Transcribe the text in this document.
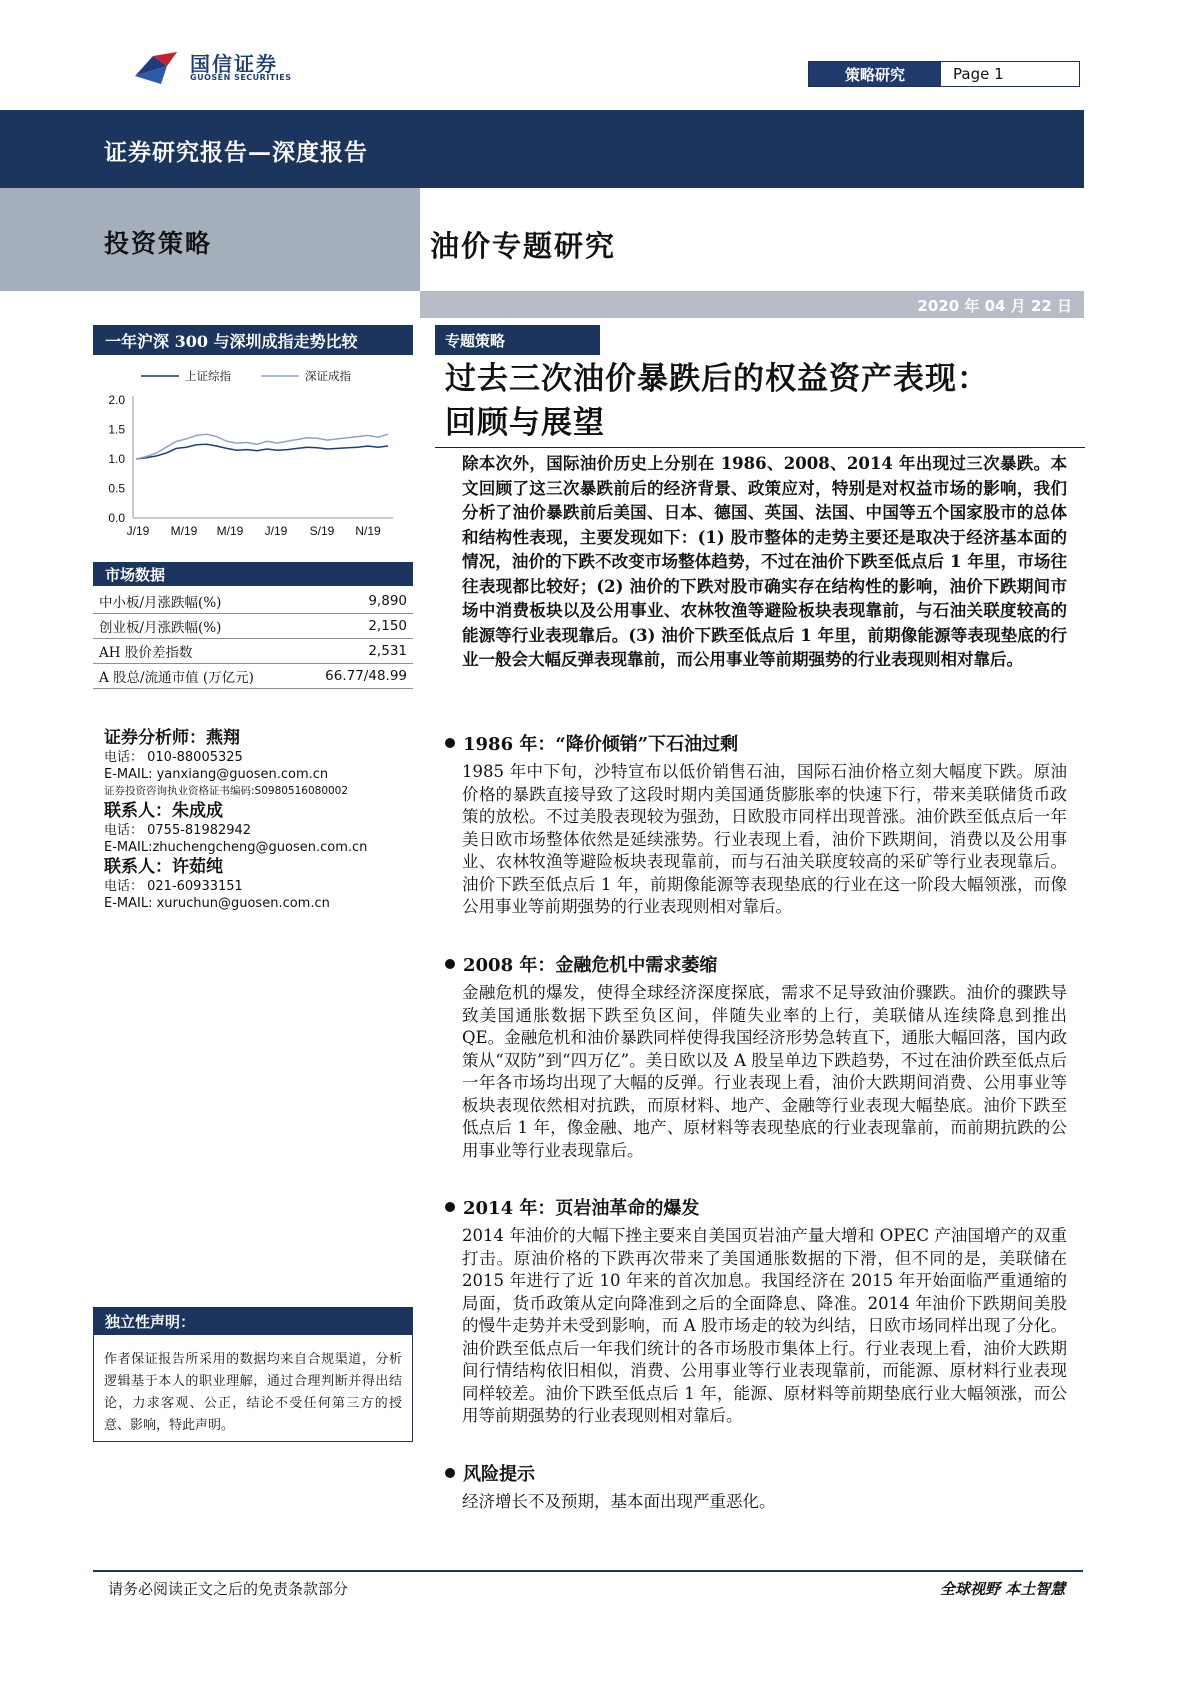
国信证券
GUOSEN SECURITIES	策略研究	Page 1
证券研究报告—深度报告
投资策略	油价专题研究
2020 年 04 月 22 日
一年沪深 300 与深圳成指走势比较
2.0
1.5
1.0
0.5
0.0
J/19 M/19 M/19 J/19 S/19 N/19
上证综指	深证成指
市场数据
中小板/月涨跌幅(%)	9,890
创业板/月涨跌幅(%)	2,150
AH 股价差指数	2,531
A 股总/流通市值 (万亿元)	66.77/48.99
证券分析师：燕翔
电话： 010-88005325
E-MAIL: yanxiang@guosen.com.cn
证券投资咨询执业资格证书编码:S0980516080002
联系人：朱成成
电话： 0755-81982942
E-MAIL:zhuchengcheng@guosen.com.cn
联系人：许茹纯
电话： 021-60933151
E-MAIL: xuruchun@guosen.com.cn
独立性声明：
作者保证报告所采用的数据均来自合规渠道，分析逻辑基于本人的职业理解，通过合理判断并得出结论，力求客观、公正，结论不受任何第三方的授意、影响，特此声明。
专题策略
过去三次油价暴跌后的权益资产表现：
回顾与展望
除本次外，国际油价历史上分别在 1986、2008、2014 年出现过三次暴跌。本文回顾了这三次暴跌前后的经济背景、政策应对，特别是对权益市场的影响，我们分析了油价暴跌前后美国、日本、德国、英国、法国、中国等五个国家股市的总体和结构性表现，主要发现如下：(1) 股市整体的走势主要还是取决于经济基本面的情况，油价的下跌不改变市场整体趋势，不过在油价下跌至低点后 1 年里，市场往往表现都比较好；(2) 油价的下跌对股市确实存在结构性的影响，油价下跌期间市场中消费板块以及公用事业、农林牧渔等避险板块表现靠前，与石油关联度较高的能源等行业表现靠后。(3) 油价下跌至低点后 1 年里，前期像能源等表现垫底的行业一般会大幅反弹表现靠前，而公用事业等前期强势的行业表现则相对靠后。
1986 年：“降价倾销”下石油过剩
1985 年中下旬，沙特宣布以低价销售石油，国际石油价格立刻大幅度下跌。原油价格的暴跌直接导致了这段时期内美国通货膨胀率的快速下行，带来美联储货币政策的放松。不过美股表现较为强劲，日欧股市同样出现普涨。油价跌至低点后一年美日欧市场整体依然是延续涨势。行业表现上看，油价下跌期间，消费以及公用事业、农林牧渔等避险板块表现靠前，而与石油关联度较高的采矿等行业表现靠后。油价下跌至低点后 1 年，前期像能源等表现垫底的行业在这一阶段大幅领涨，而像公用事业等前期强势的行业表现则相对靠后。
2008 年：金融危机中需求萎缩
金融危机的爆发，使得全球经济深度探底，需求不足导致油价骤跌。油价的骤跌导致美国通胀数据下跌至负区间，伴随失业率的上行，美联储从连续降息到推出 QE。金融危机和油价暴跌同样使得我国经济形势急转直下，通胀大幅回落，国内政策从“双防”到“四万亿”。美日欧以及 A 股呈单边下跌趋势，不过在油价跌至低点后一年各市场均出现了大幅的反弹。行业表现上看，油价大跌期间消费、公用事业等板块表现依然相对抗跌，而原材料、地产、金融等行业表现大幅垫底。油价下跌至低点后 1 年，像金融、地产、原材料等表现垫底的行业表现靠前，而前期抗跌的公用事业等行业表现靠后。
2014 年：页岩油革命的爆发
2014 年油价的大幅下挫主要来自美国页岩油产量大增和 OPEC 产油国增产的双重打击。原油价格的下跌再次带来了美国通胀数据的下滑，但不同的是，美联储在 2015 年进行了近 10 年来的首次加息。我国经济在 2015 年开始面临严重通缩的局面，货币政策从定向降准到之后的全面降息、降准。2014 年油价下跌期间美股的慢牛走势并未受到影响，而 A 股市场走的较为纠结，日欧市场同样出现了分化。油价跌至低点后一年我们统计的各市场股市集体上行。行业表现上看，油价大跌期间行情结构依旧相似，消费、公用事业等行业表现靠前，而能源、原材料行业表现同样较差。油价下跌至低点后 1 年，能源、原材料等前期垫底行业大幅领涨，而公用等前期强势的行业表现则相对靠后。
风险提示
经济增长不及预期，基本面出现严重恶化。
请务必阅读正文之后的免责条款部分	全球视野 本土智慧
